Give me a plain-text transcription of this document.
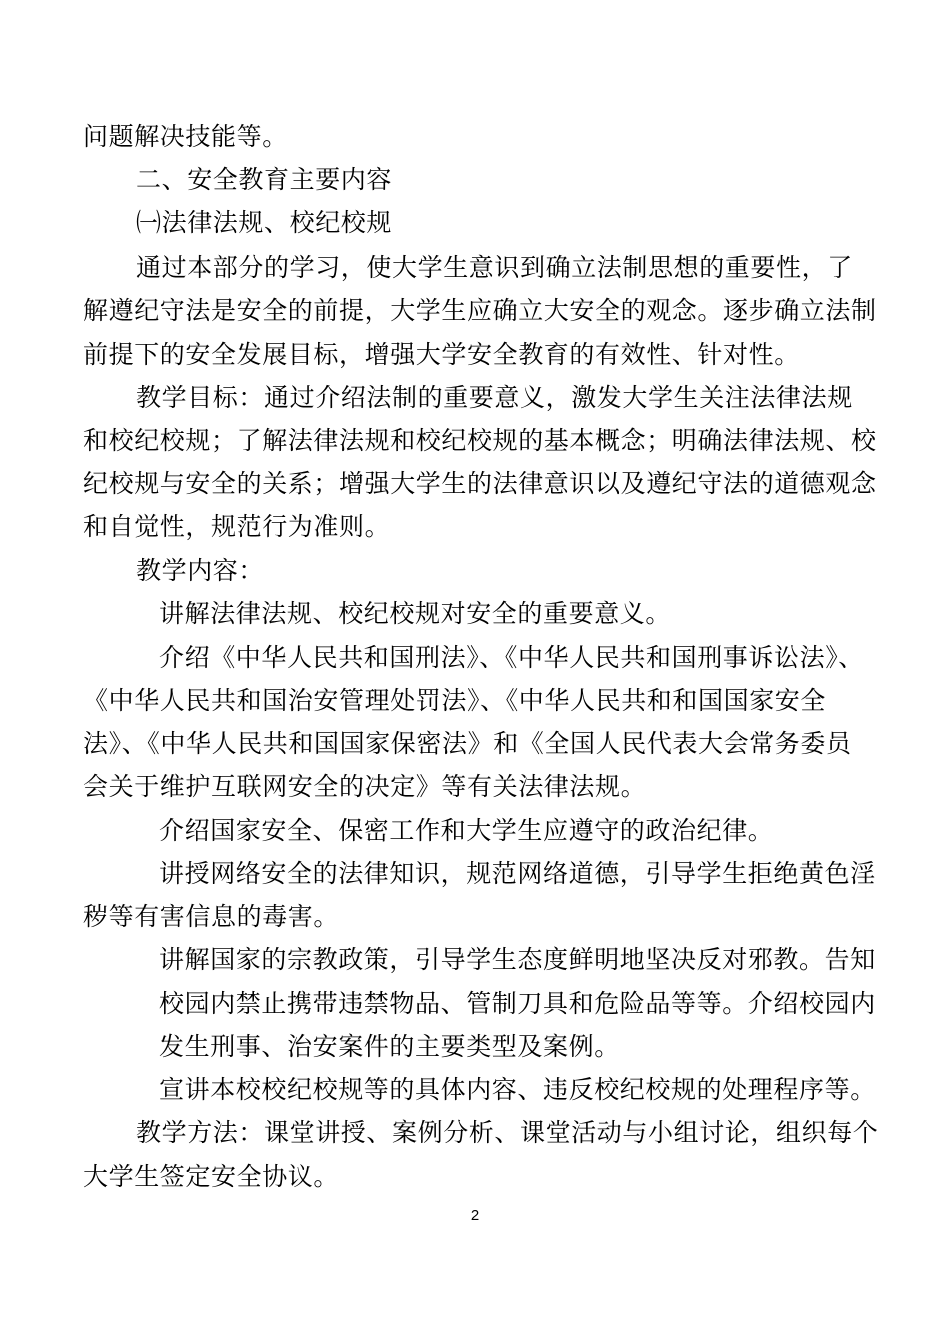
问题解决技能等。
二、安全教育主要内容
㈠法律法规、校纪校规
通过本部分的学习，使大学生意识到确立法制思想的重要性，了
解遵纪守法是安全的前提，大学生应确立大安全的观念。逐步确立法制
前提下的安全发展目标，增强大学安全教育的有效性、针对性。
教学目标：通过介绍法制的重要意义，激发大学生关注法律法规
和校纪校规；了解法律法规和校纪校规的基本概念；明确法律法规、校
纪校规与安全的关系；增强大学生的法律意识以及遵纪守法的道德观念
和自觉性，规范行为准则。
教学内容：
讲解法律法规、校纪校规对安全的重要意义。
介绍《中华人民共和国刑法》、《中华人民共和国刑事诉讼法》、
《中华人民共和国治安管理处罚法》、《中华人民共和和国国家安全
法》、《中华人民共和国国家保密法》和《全国人民代表大会常务委员
会关于维护互联网安全的决定》等有关法律法规。
介绍国家安全、保密工作和大学生应遵守的政治纪律。
讲授网络安全的法律知识，规范网络道德，引导学生拒绝黄色淫
秽等有害信息的毒害。
讲解国家的宗教政策，引导学生态度鲜明地坚决反对邪教。告知
校园内禁止携带违禁物品、管制刀具和危险品等等。介绍校园内
发生刑事、治安案件的主要类型及案例。
宣讲本校校纪校规等的具体内容、违反校纪校规的处理程序等。
教学方法：课堂讲授、案例分析、课堂活动与小组讨论，组织每个
大学生签定安全协议。
2
